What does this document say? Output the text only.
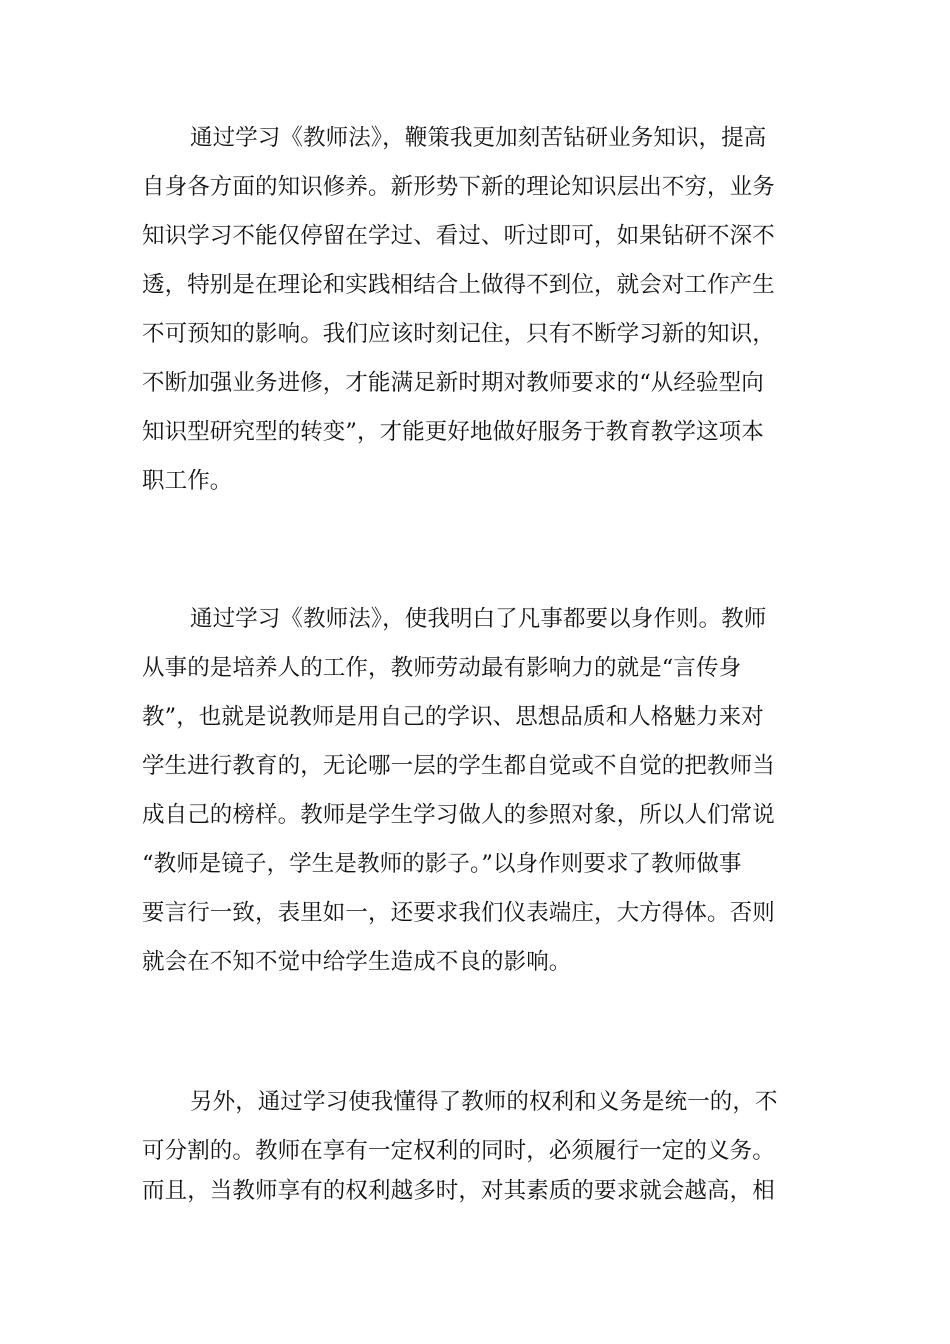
通过学习《教师法》，鞭策我更加刻苦钻研业务知识，提高

自身各方面的知识修养。新形势下新的理论知识层出不穷，业务

知识学习不能仅停留在学过、看过、听过即可，如果钻研不深不

透，特别是在理论和实践相结合上做得不到位，就会对工作产生

不可预知的影响。我们应该时刻记住，只有不断学习新的知识，

不断加强业务进修，才能满足新时期对教师要求的“从经验型向

知识型研究型的转变”，才能更好地做好服务于教育教学这项本

职工作。

通过学习《教师法》，使我明白了凡事都要以身作则。教师

从事的是培养人的工作，教师劳动最有影响力的就是“言传身

教”，也就是说教师是用自己的学识、思想品质和人格魅力来对

学生进行教育的，无论哪一层的学生都自觉或不自觉的把教师当

成自己的榜样。教师是学生学习做人的参照对象，所以人们常说

“教师是镜子，学生是教师的影子。”以身作则要求了教师做事

要言行一致，表里如一，还要求我们仪表端庄，大方得体。否则

就会在不知不觉中给学生造成不良的影响。

另外，通过学习使我懂得了教师的权利和义务是统一的，不

可分割的。教师在享有一定权利的同时，必须履行一定的义务。

而且，当教师享有的权利越多时，对其素质的要求就会越高，相
